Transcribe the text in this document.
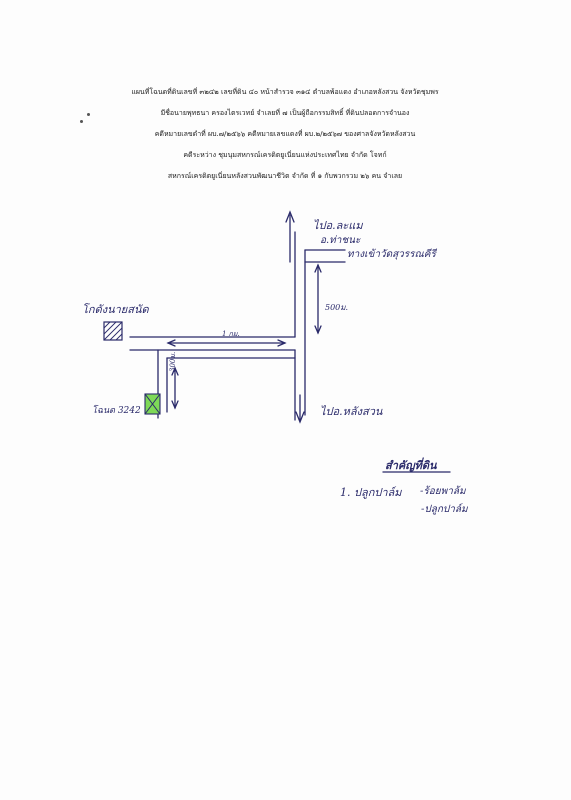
แผนที่โฉนดที่ดินเลขที่ ๓๒๔๒ เลขที่ดิน ๔๐ หน้าสำรวจ ๓๑๔ ตำบลพ้อแดง อำเภอหลังสวน จังหวัดชุมพร
มีชื่อนายพุทธนา ครองไตรเวทย์ จำเลยที่ ๗ เป็นผู้ถือกรรมสิทธิ์ ที่ดินปลอดการจำนอง
คดีหมายเลขดำที่ ผบ.๗/๒๕๖๖ คดีหมายเลขแดงที่ ผบ.๒/๒๕๖๗ ของศาลจังหวัดหลังสวน
คดีระหว่าง ชุมนุมสหกรณ์เครดิตยูเนี่ยนแห่งประเทศไทย จำกัด โจทก์
สหกรณ์เครดิตยูเนี่ยนหลังสวนพัฒนาชีวิต จำกัด ที่ ๑ กับพวกรวม ๒๖ คน จำเลย
ไปอ.ละแม
อ.ท่าชนะ
ทางเข้าวัดสุวรรณคีรี
500ม.
โกดังนายสนัด
1 กม.
300ม.
โฉนด 3242	ไปอ.หลังสวน
สำคัญที่ดิน
1. ปลูกปาล์ม -ร้อยพาล้ม
-ปลูกปาล์ม
